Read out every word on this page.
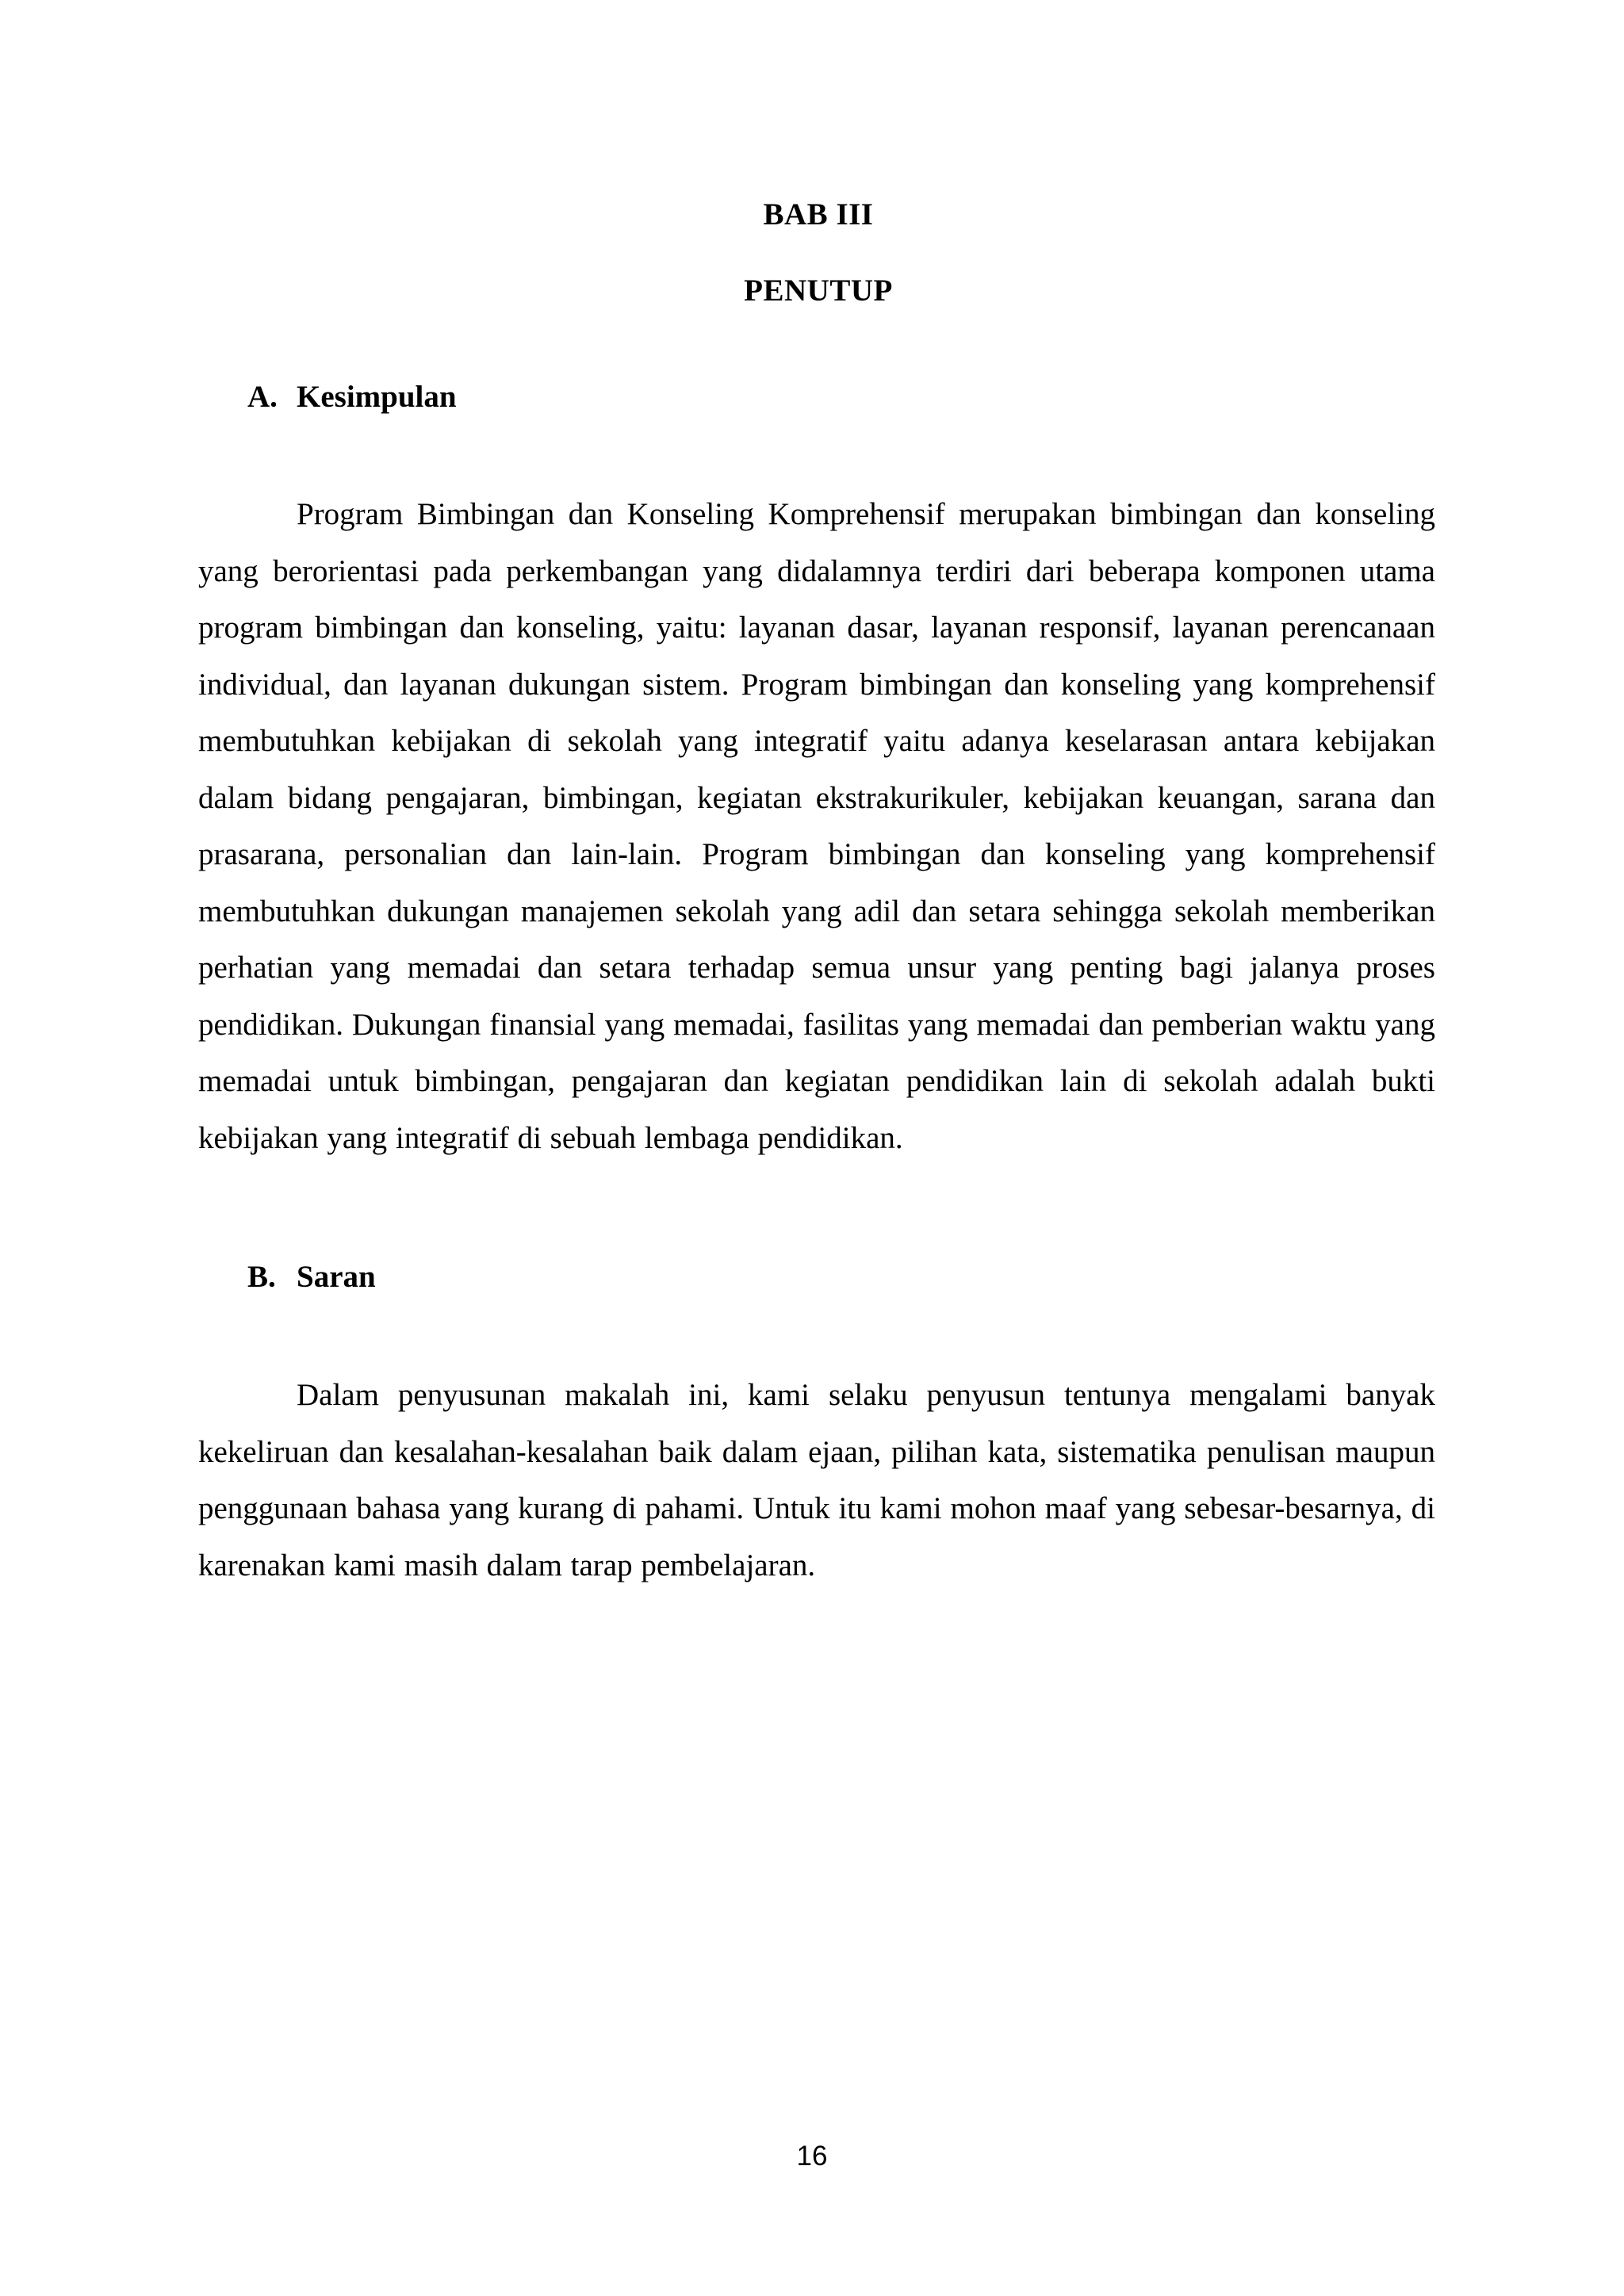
BAB III
PENUTUP
A. Kesimpulan

Program Bimbingan dan Konseling Komprehensif merupakan bimbingan dan konseling yang berorientasi pada perkembangan yang didalamnya terdiri dari beberapa komponen utama program bimbingan dan konseling, yaitu: layanan dasar, layanan responsif, layanan perencanaan individual, dan layanan dukungan sistem. Program bimbingan dan konseling yang komprehensif membutuhkan kebijakan di sekolah yang integratif yaitu adanya keselarasan antara kebijakan dalam bidang pengajaran, bimbingan, kegiatan ekstrakurikuler, kebijakan keuangan, sarana dan prasarana, personalian dan lain-lain. Program bimbingan dan konseling yang komprehensif membutuhkan dukungan manajemen sekolah yang adil dan setara sehingga sekolah memberikan perhatian yang memadai dan setara terhadap semua unsur yang penting bagi jalanya proses pendidikan. Dukungan finansial yang memadai, fasilitas yang memadai dan pemberian waktu yang memadai untuk bimbingan, pengajaran dan kegiatan pendidikan lain di sekolah adalah bukti kebijakan yang integratif di sebuah lembaga pendidikan.

B. Saran

Dalam penyusunan makalah ini, kami selaku penyusun tentunya mengalami banyak kekeliruan dan kesalahan-kesalahan baik dalam ejaan, pilihan kata, sistematika penulisan maupun penggunaan bahasa yang kurang di pahami. Untuk itu kami mohon maaf yang sebesar-besarnya, di karenakan kami masih dalam tarap pembelajaran.

16
